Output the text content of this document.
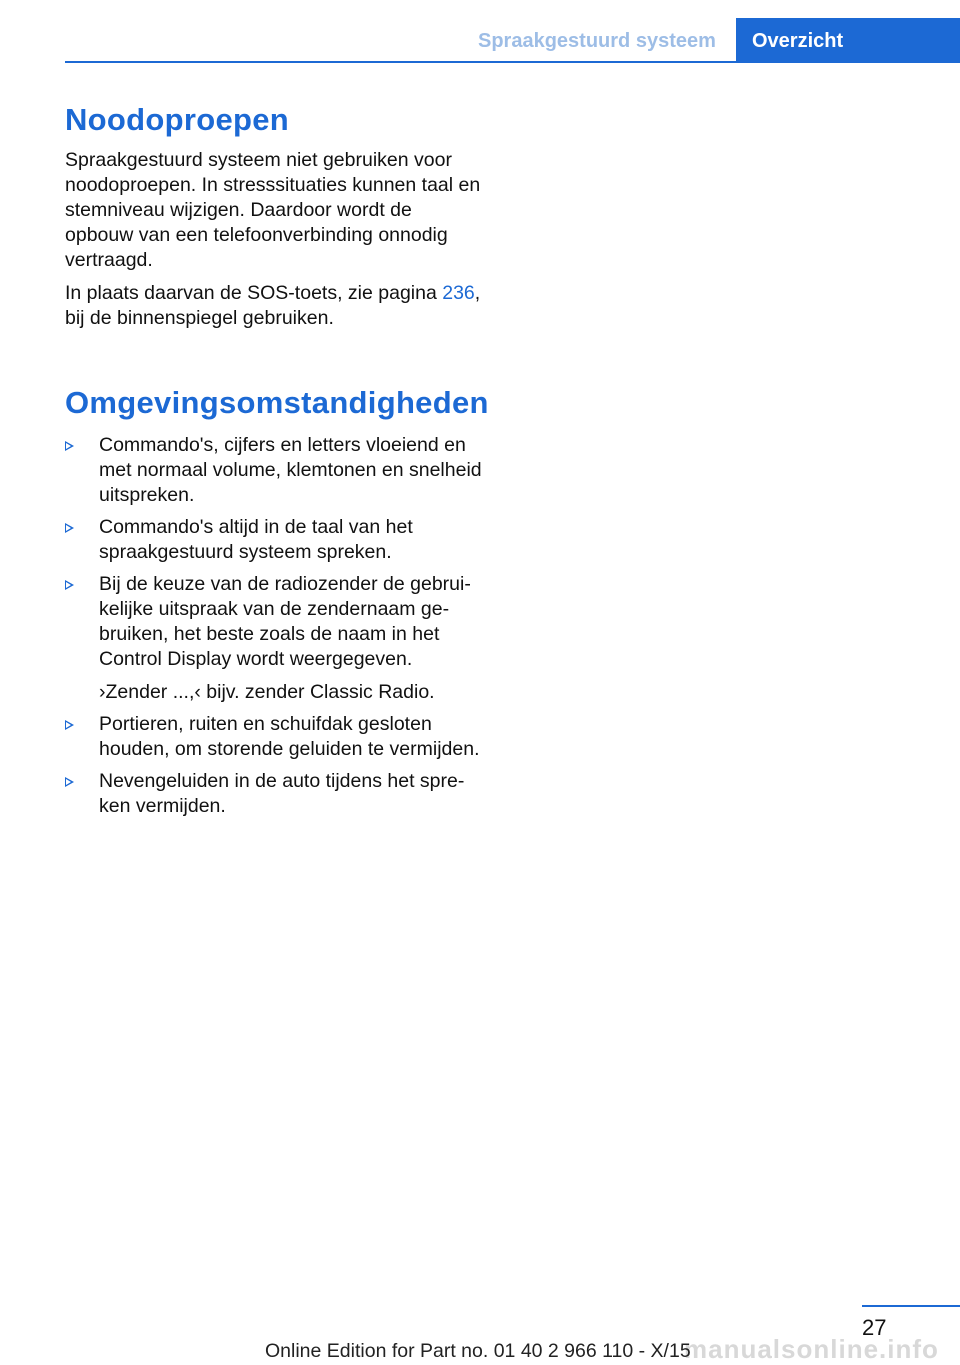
Spraakgestuurd systeem Overzicht
Noodoproepen

Spraakgestuurd systeem niet gebruiken voor noodoproepen. In stresssituaties kunnen taal en stemniveau wijzigen. Daardoor wordt de opbouw van een telefoonverbinding onnodig vertraagd.

In plaats daarvan de SOS-toets, zie pagina 236, bij de binnenspiegel gebruiken.

Omgevingsomstandigheden
Commando's, cijfers en letters vloeiend en met normaal volume, klemtonen en snelheid uitspreken.
Commando's altijd in de taal van het spraakgestuurd systeem spreken.
Bij de keuze van de radiozender de gebruikelijke uitspraak van de zendernaam gebruiken, het beste zoals de naam in het Control Display wordt weergegeven.
›Zender ...,‹ bijv. zender Classic Radio.
Portieren, ruiten en schuifdak gesloten houden, om storende geluiden te vermijden.
Nevengeluiden in de auto tijdens het spreken vermijden.
27
manualsonline.info
Online Edition for Part no. 01 40 2 966 110 - X/15
